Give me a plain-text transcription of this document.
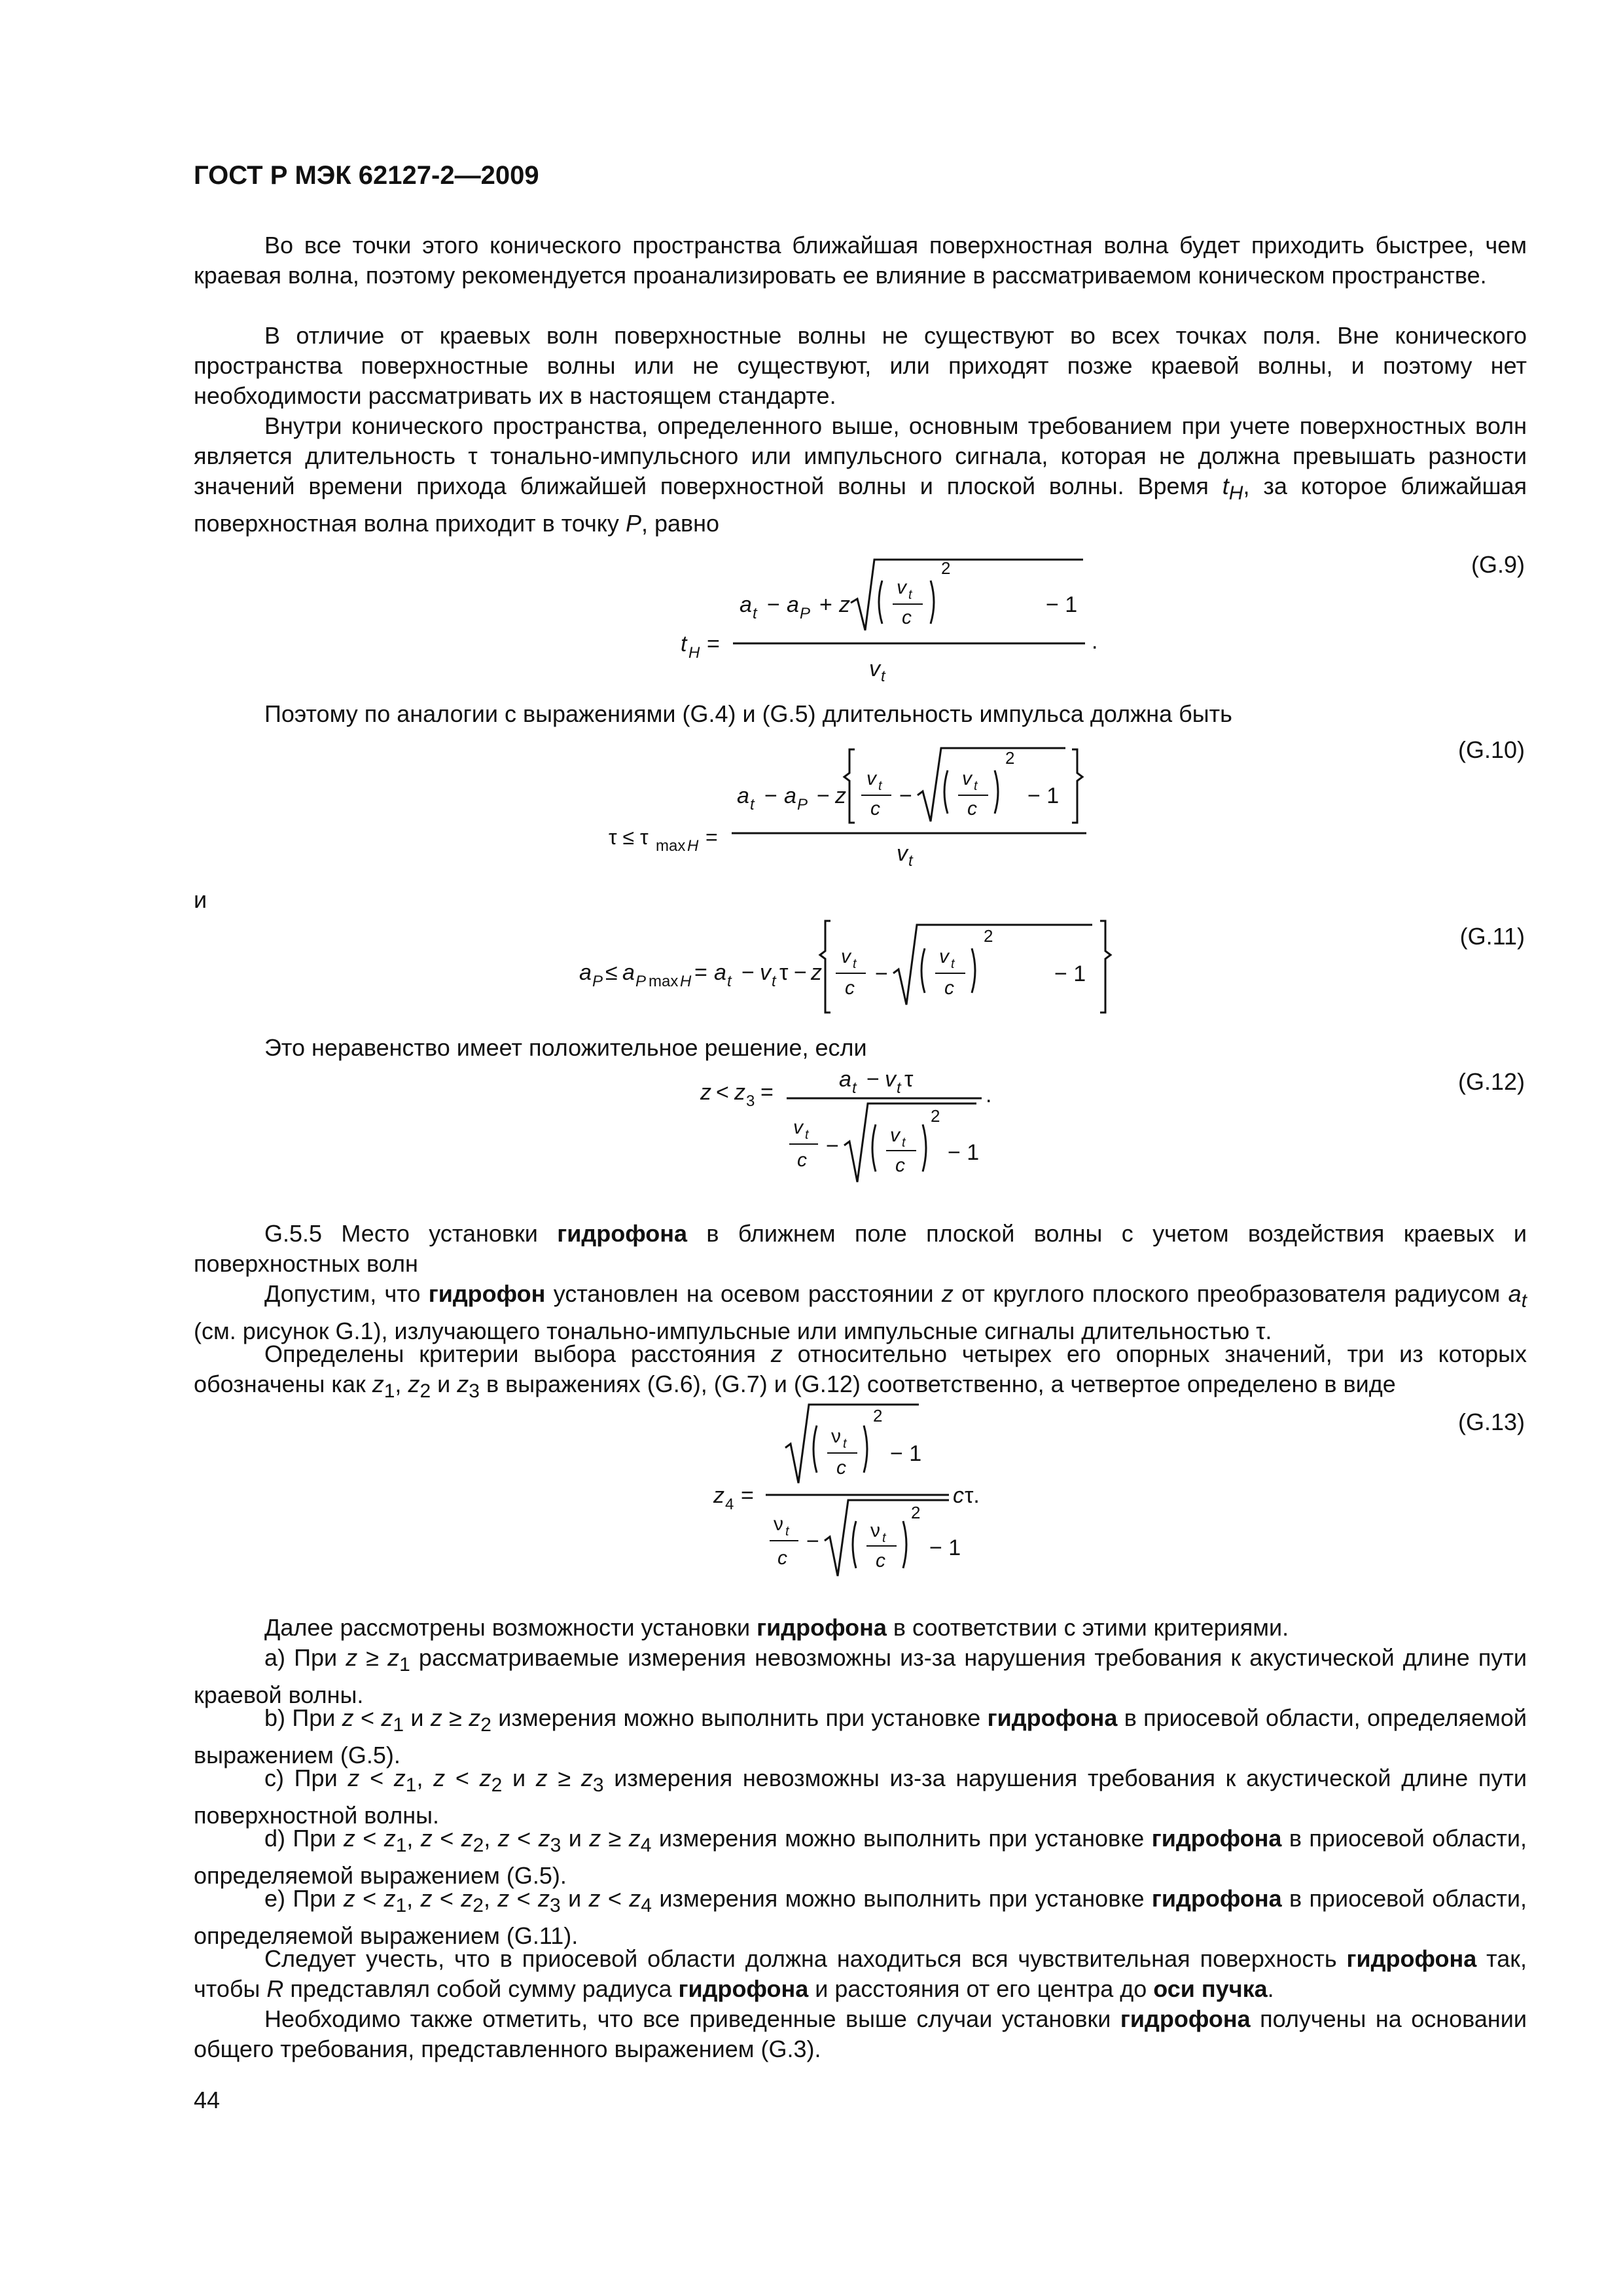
ГОСТ Р МЭК 62127-2—2009

Во все точки этого конического пространства ближайшая поверхностная волна будет приходить быстрее, чем краевая волна, поэтому рекомендуется проанализировать ее влияние в рассматриваемом коническом пространстве.

В отличие от краевых волн поверхностные волны не существуют во всех точках поля. Вне конического пространства поверхностные волны или не существуют, или приходят позже краевой волны, и поэтому нет необходимости рассматривать их в настоящем стандарте.

Внутри конического пространства, определенного выше, основным требованием при учете поверхностных волн является длительность τ тонально-импульсного или импульсного сигнала, которая не должна превышать разности значений времени прихода ближайшей поверхностной волны и плоской волны. Время $t_H$, за которое ближайшая поверхностная волна приходит в точку P, равно

(G.9)

a t − a P + z
v t
c
2
− 1
t H =	.
v t

Поэтому по аналогии с выражениями (G.4) и (G.5) длительность импульса должна быть

(G.10)

τ ≤ τ max H =
a t − a P − z
v t
c
−
v t
c
2
− 1
v t

и

(G.11)

a P ≤ a P max H = a t − v t τ − z
v t
c
−
v t
c
2
− 1

Это неравенство имеет положительное решение, если

(G.12)

z < z 3 =
a t − v t τ
.
v t
c
−	v t
c
2
− 1

G.5.5 Место установки гидрофона в ближнем поле плоской волны с учетом воздействия краевых и поверхностных волн

Допустим, что гидрофон установлен на осевом расстоянии z от круглого плоского преобразователя радиусом $a_t$ (см. рисунок G.1), излучающего тонально-импульсные или импульсные сигналы длительностью τ.

Определены критерии выбора расстояния z относительно четырех его опорных значений, три из которых обозначены как $z_1$, $z_2$ и $z_3$ в выражениях (G.6), (G.7) и (G.12) соответственно, а четвертое определено в виде

(G.13)

ν t
c
2
− 1
z 4 =	c τ.
ν t
c
−	ν t
c
2
− 1

Далее рассмотрены возможности установки гидрофона в соответствии с этими критериями.

а) При $z \ge z_1$ рассматриваемые измерения невозможны из-за нарушения требования к акустической длине пути краевой волны.

b) При $z < z_1$ и $z \ge z_2$ измерения можно выполнить при установке гидрофона в приосевой области, определяемой выражением (G.5).

с) При $z < z_1$, $z < z_2$ и $z \ge z_3$ измерения невозможны из-за нарушения требования к акустической длине пути поверхностной волны.

d) При $z < z_1$, $z < z_2$, $z < z_3$ и $z \ge z_4$ измерения можно выполнить при установке гидрофона в приосевой области, определяемой выражением (G.5).

е) При $z < z_1$, $z < z_2$, $z < z_3$ и $z < z_4$ измерения можно выполнить при установке гидрофона в приосевой области, определяемой выражением (G.11).

Следует учесть, что в приосевой области должна находиться вся чувствительная поверхность гидрофона так, чтобы R представлял собой сумму радиуса гидрофона и расстояния от его центра до оси пучка.

Необходимо также отметить, что все приведенные выше случаи установки гидрофона получены на основании общего требования, представленного выражением (G.3).

44
